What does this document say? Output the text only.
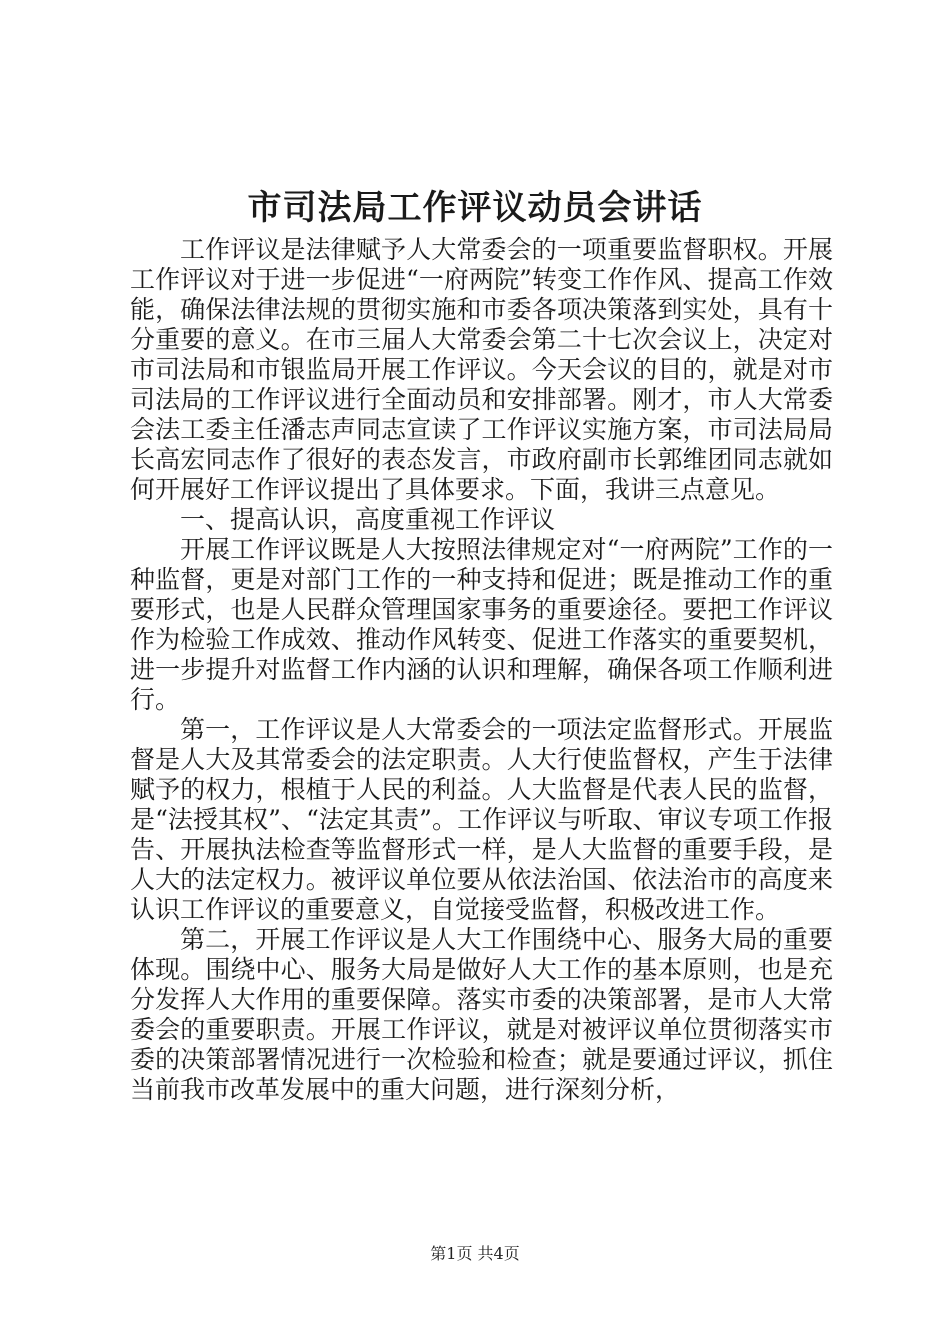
市司法局工作评议动员会讲话

工作评议是法律赋予人大常委会的一项重要监督职权。开展工作评议对于进一步促进“一府两院”转变工作作风、提高工作效能，确保法律法规的贯彻实施和市委各项决策落到实处，具有十分重要的意义。在市三届人大常委会第二十七次会议上，决定对市司法局和市银监局开展工作评议。今天会议的目的，就是对市司法局的工作评议进行全面动员和安排部署。刚才，市人大常委会法工委主任潘志声同志宣读了工作评议实施方案，市司法局局长高宏同志作了很好的表态发言，市政府副市长郭维团同志就如何开展好工作评议提出了具体要求。下面，我讲三点意见。

一、提高认识，高度重视工作评议

开展工作评议既是人大按照法律规定对“一府两院”工作的一种监督，更是对部门工作的一种支持和促进；既是推动工作的重要形式，也是人民群众管理国家事务的重要途径。要把工作评议作为检验工作成效、推动作风转变、促进工作落实的重要契机，进一步提升对监督工作内涵的认识和理解，确保各项工作顺利进行。

第一，工作评议是人大常委会的一项法定监督形式。开展监督是人大及其常委会的法定职责。人大行使监督权，产生于法律赋予的权力，根植于人民的利益。人大监督是代表人民的监督，是“法授其权”、“法定其责”。工作评议与听取、审议专项工作报告、开展执法检查等监督形式一样，是人大监督的重要手段，是人大的法定权力。被评议单位要从依法治国、依法治市的高度来认识工作评议的重要意义，自觉接受监督，积极改进工作。

第二，开展工作评议是人大工作围绕中心、服务大局的重要体现。围绕中心、服务大局是做好人大工作的基本原则，也是充分发挥人大作用的重要保障。落实市委的决策部署，是市人大常委会的重要职责。开展工作评议，就是对被评议单位贯彻落实市委的决策部署情况进行一次检验和检查；就是要通过评议，抓住当前我市改革发展中的重大问题，进行深刻分析，

第1页 共4页
